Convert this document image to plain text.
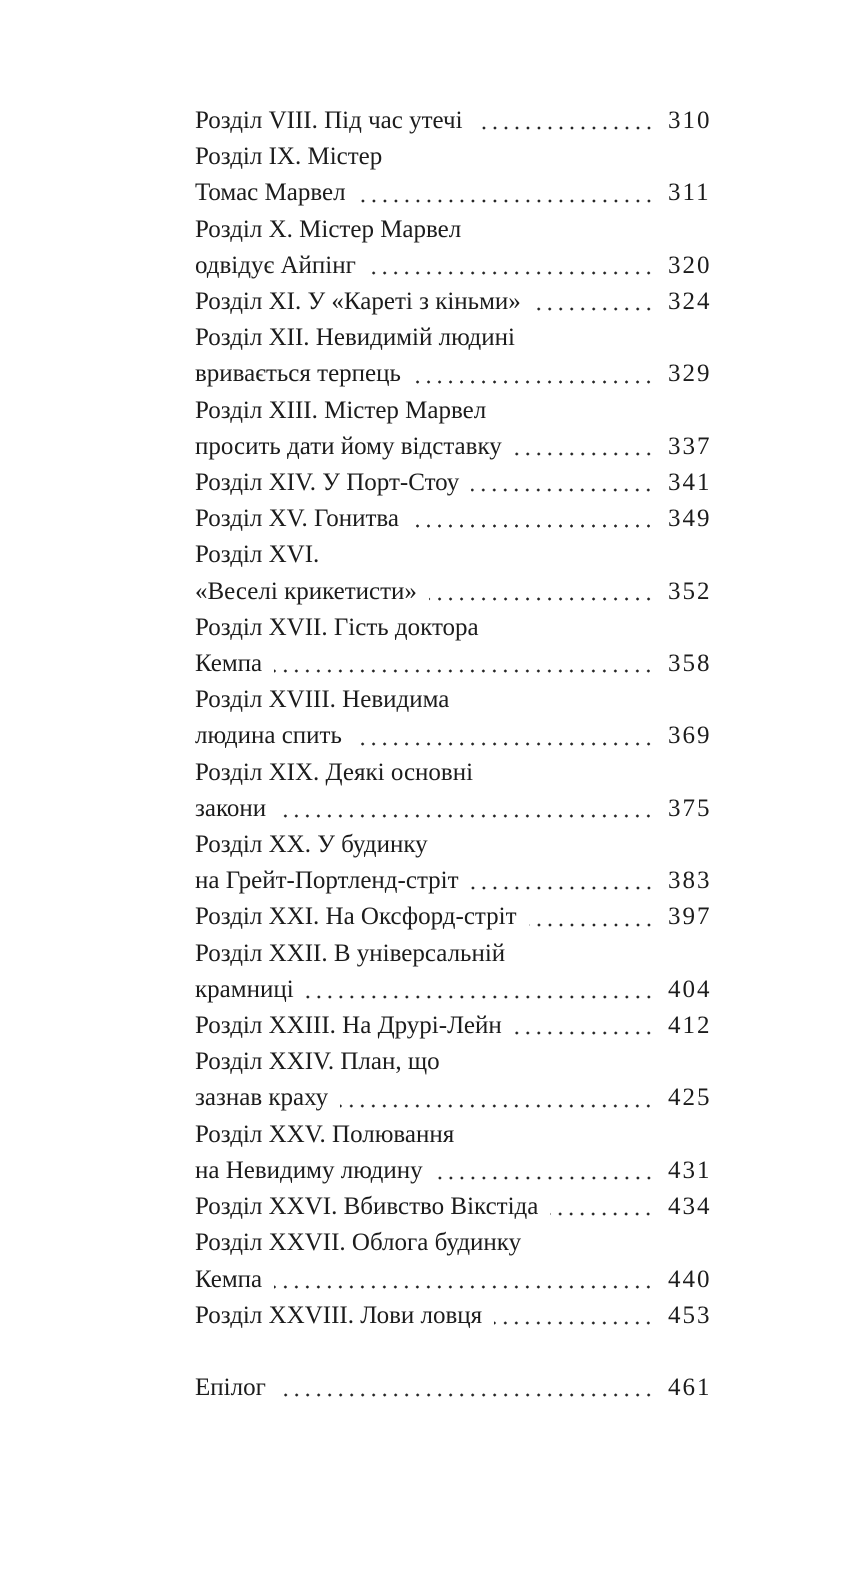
Розділ VIII. Під час утечі	310
Розділ IX. Містер
Томас Марвел	311
Розділ X. Містер Марвел
одвідує Айпінг	320
Розділ XI. У «Кареті з кіньми»	324
Розділ XII. Невидимій людині
вривається терпець	329
Розділ XIII. Містер Марвел
просить дати йому відставку	337
Розділ XIV. У Порт-Стоу	341
Розділ XV. Гонитва	349
Розділ XVI.
«Веселі крикетисти»	352
Розділ XVII. Гість доктора
Кемпа	358
Розділ XVIII. Невидима
людина спить	369
Розділ XIX. Деякі основні
закони	375
Розділ XX. У будинку
на Грейт-Портленд-стріт	383
Розділ XXI. На Оксфорд-стріт	397
Розділ XXII. В універсальній
крамниці	404
Розділ XXIII. На Друрі-Лейн	412
Розділ XXIV. План, що
зазнав краху	425
Розділ XXV. Полювання
на Невидиму людину	431
Розділ XXVI. Вбивство Вікстіда	434
Розділ XXVII. Облога будинку
Кемпа	440
Розділ XXVIII. Лови ловця	453
Епілог	461
